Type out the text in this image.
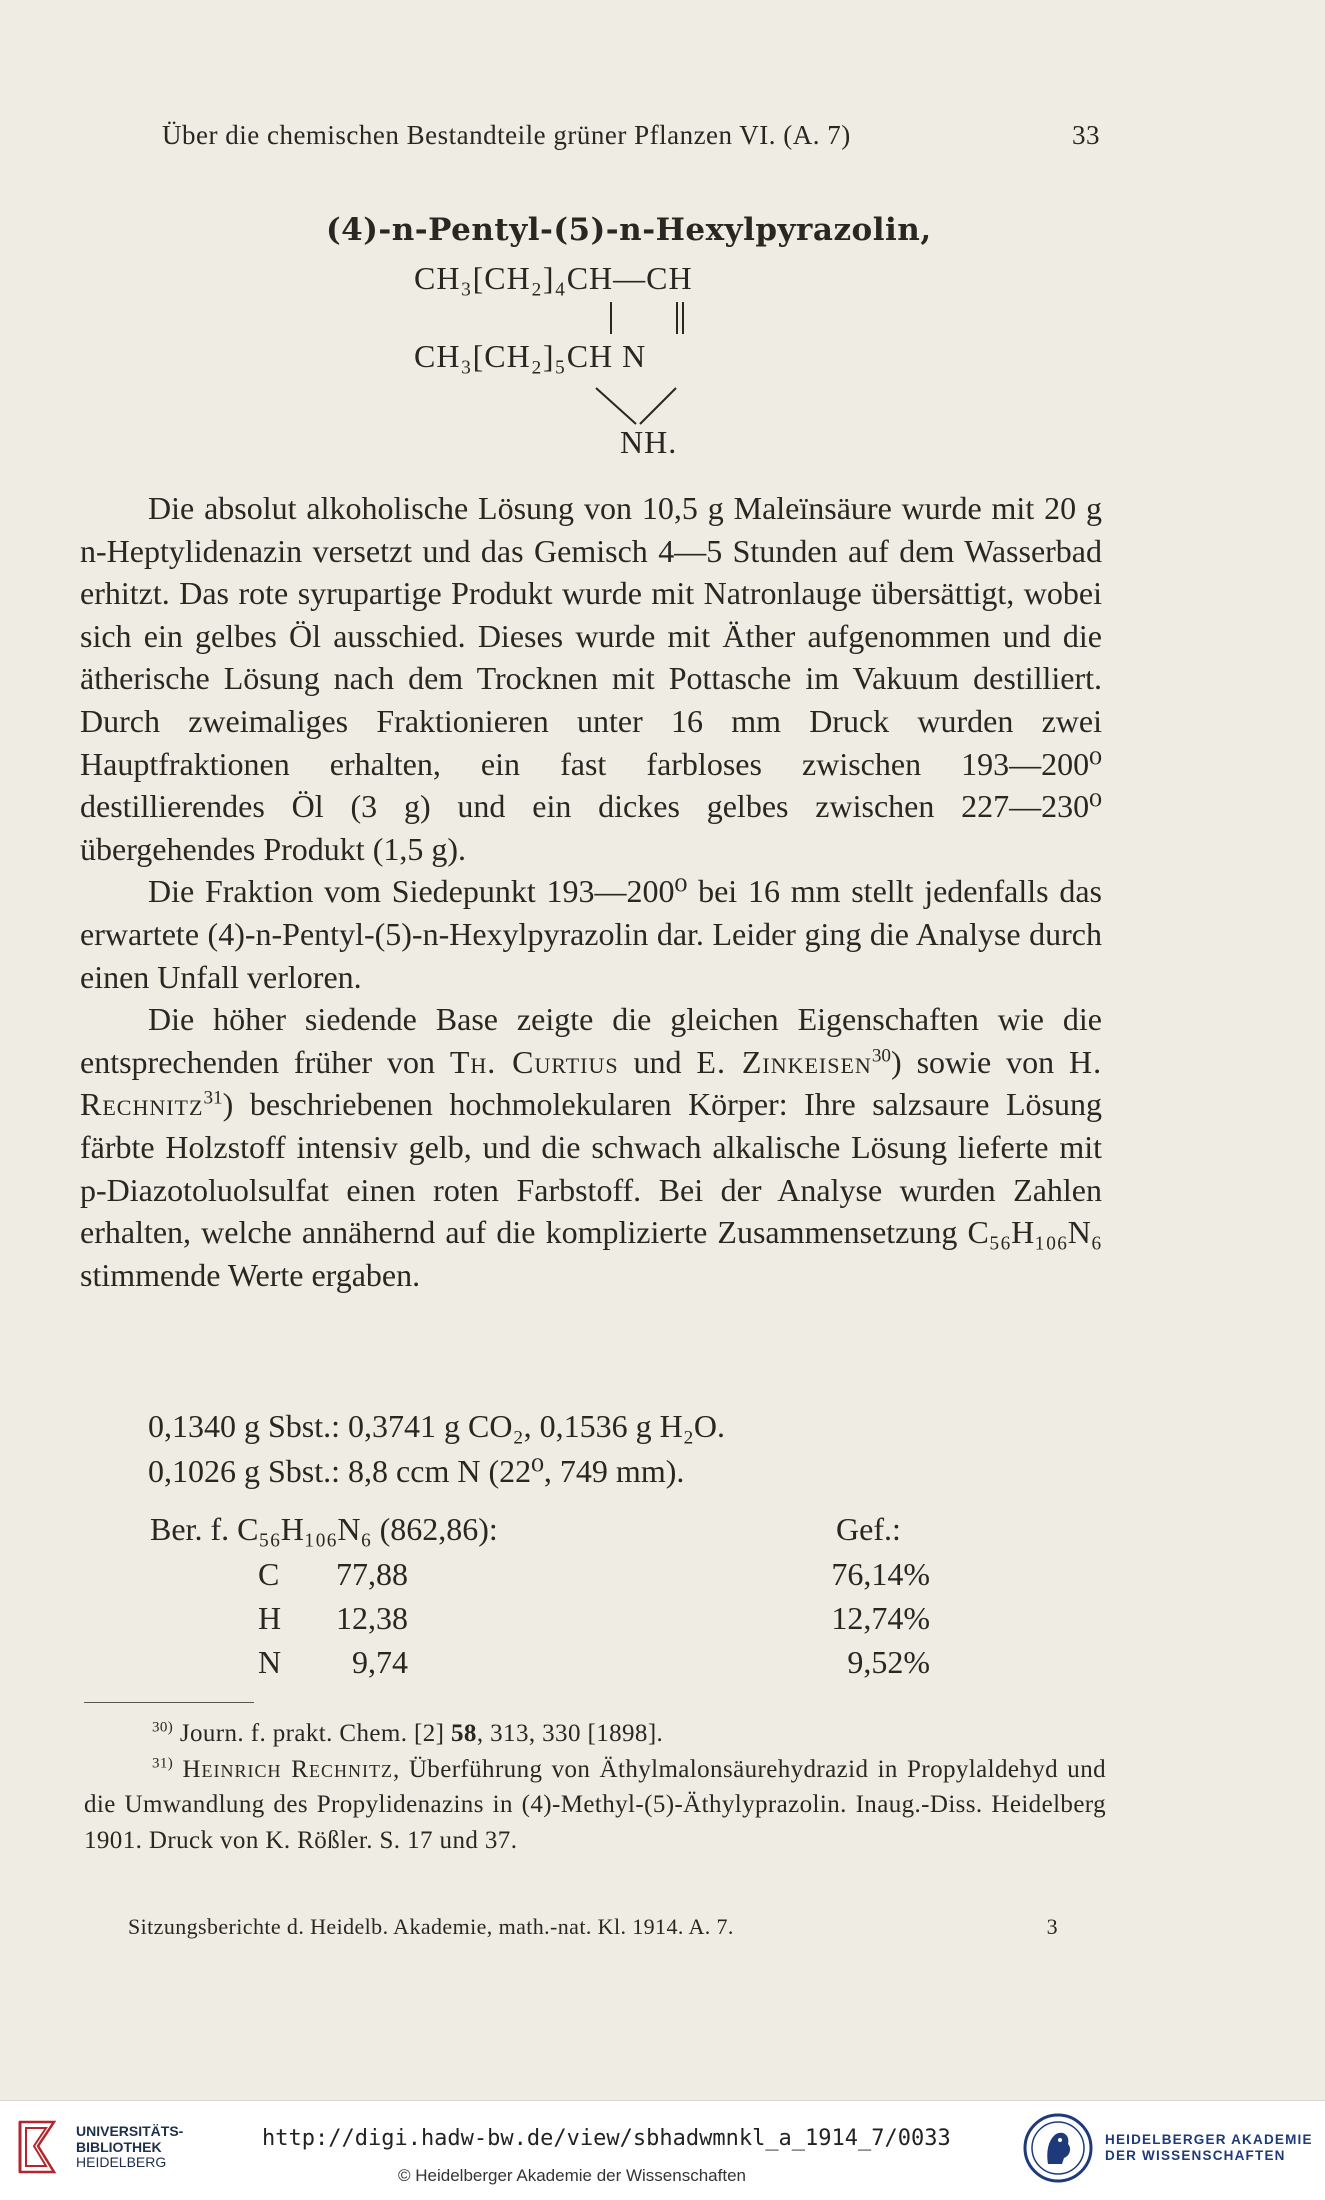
Über die chemischen Bestandteile grüner Pflanzen VI. (A. 7)	33
(4)-n-Pentyl-(5)-n-Hexylpyrazolin,
CH₃[CH₂]₄CH—CH
CH₃[CH₂]₅CH N
NH.

Die absolut alkoholische Lösung von 10,5 g Maleïnsäure wurde mit 20 g n-Heptylidenazin versetzt und das Gemisch 4—5 Stunden auf dem Wasserbad erhitzt. Das rote syrupartige Produkt wurde mit Natronlauge übersättigt, wobei sich ein gelbes Öl ausschied. Dieses wurde mit Äther aufgenommen und die ätherische Lösung nach dem Trocknen mit Pottasche im Vakuum destilliert. Durch zweimaliges Fraktionieren unter 16 mm Druck wurden zwei Hauptfraktionen erhalten, ein fast farbloses zwischen 193—200⁰ destillierendes Öl (3 g) und ein dickes gelbes zwischen 227—230⁰ übergehendes Produkt (1,5 g).

Die Fraktion vom Siedepunkt 193—200⁰ bei 16 mm stellt jedenfalls das erwartete (4)-n-Pentyl-(5)-n-Hexylpyrazolin dar. Leider ging die Analyse durch einen Unfall verloren.

Die höher siedende Base zeigte die gleichen Eigenschaften wie die entsprechenden früher von Th. Curtius und E. Zinkeisen$^{30}$) sowie von H. Rechnitz$^{31}$) beschriebenen hochmolekularen Körper: Ihre salzsaure Lösung färbte Holzstoff intensiv gelb, und die schwach alkalische Lösung lieferte mit p-Diazotoluolsulfat einen roten Farbstoff. Bei der Analyse wurden Zahlen erhalten, welche annähernd auf die komplizierte Zusammensetzung C₅₆H₁₀₆N₆ stimmende Werte ergaben.

0,1340 g Sbst.: 0,3741 g CO₂, 0,1536 g H₂O.
0,1026 g Sbst.: 8,8 ccm N (22⁰, 749 mm).
Ber. f. C₅₆H₁₀₆N₆ (862,86):	Gef.:
C 77,88	76,14%
H 12,38	12,74%
N 9,74	9,52%

$^{30)}$ Journ. f. prakt. Chem. [2] 58, 313, 330 [1898].

$^{31)}$ Heinrich Rechnitz, Überführung von Äthylmalonsäurehydrazid in Propylaldehyd und die Umwandlung des Propylidenazins in (4)-Methyl-(5)-Äthylyprazolin. Inaug.-Diss. Heidelberg 1901. Druck von K. Rößler. S. 17 und 37.

Sitzungsberichte d. Heidelb. Akademie, math.-nat. Kl. 1914. A. 7.	3
UNIVERSITÄTS-
BIBLIOTHEK
HEIDELBERG
http://digi.hadw-bw.de/view/sbhadwmnkl_a_1914_7/0033
© Heidelberger Akademie der Wissenschaften
HEIDELBERGER AKADEMIE
DER WISSENSCHAFTEN
